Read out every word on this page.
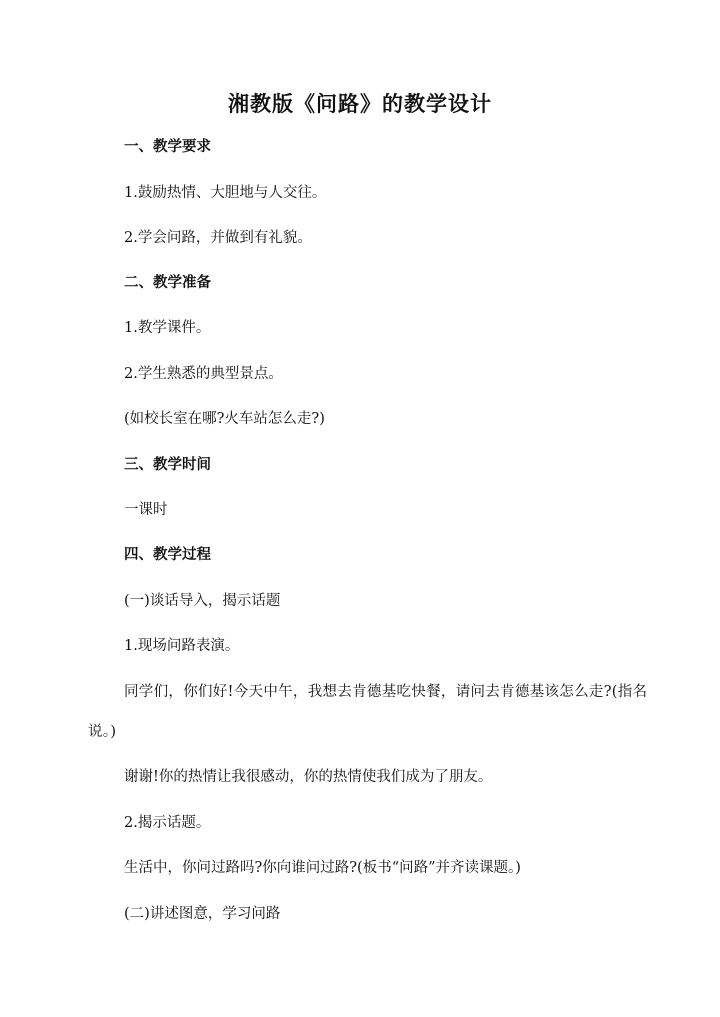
湘教版《问路》的教学设计
一、教学要求
1.鼓励热情、大胆地与人交往。
2.学会问路，并做到有礼貌。
二、教学准备
1.教学课件。
2.学生熟悉的典型景点。
(如校长室在哪?火车站怎么走?)
三、教学时间
一课时
四、教学过程
(一)谈话导入，揭示话题
1.现场问路表演。

同学们，你们好!今天中午，我想去肯德基吃快餐，请问去肯德基该怎么走?(指名说。)

谢谢!你的热情让我很感动，你的热情使我们成为了朋友。
2.揭示话题。
生活中，你问过路吗?你向谁问过路?(板书“问路”并齐读课题。)
(二)讲述图意，学习问路
